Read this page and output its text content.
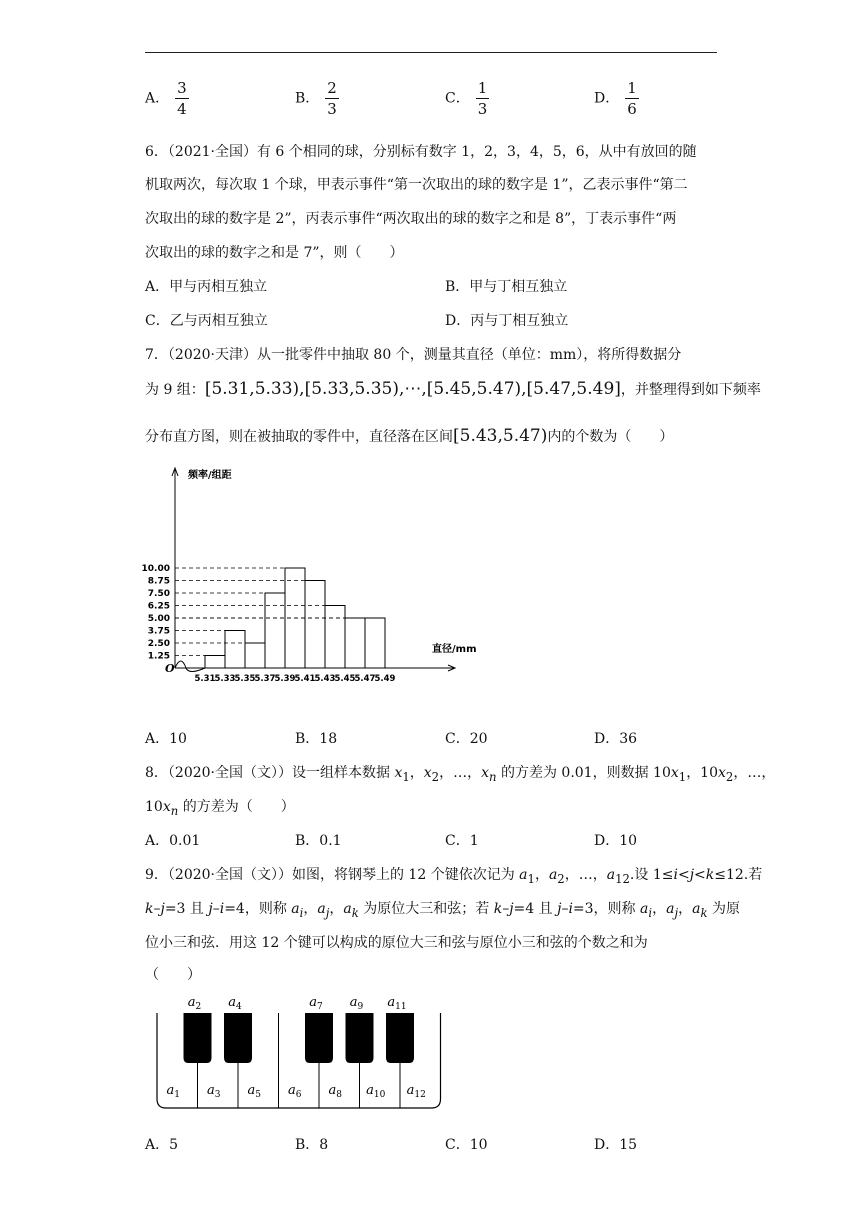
A． $\frac{3}{4}$	B． $\frac{2}{3}$	C． $\frac{1}{3}$	D． $\frac{1}{6}$
6．（2021·全国）有 6 个相同的球，分别标有数字 1，2，3，4，5，6，从中有放回的随
机取两次，每次取 1 个球，甲表示事件“第一次取出的球的数字是 1”，乙表示事件“第二
次取出的球的数字是 2”，丙表示事件“两次取出的球的数字之和是 8”，丁表示事件“两
次取出的球的数字之和是 7”，则（　　）
A．甲与丙相互独立	B．甲与丁相互独立
C．乙与丙相互独立	D．丙与丁相互独立
7．（2020·天津）从一批零件中抽取 80 个，测量其直径（单位：mm），将所得数据分
为 9 组：[5.31,5.33),[5.33,5.35),⋯,[5.45,5.47),[5.47,5.49]，并整理得到如下频率
分布直方图，则在被抽取的零件中，直径落在区间[5.43,5.47)内的个数为（　　）
频率/组距
直径/mm
O
10.00
8.75
7.50
6.25
5.00
3.75
2.50
1.25
5.31 5.33 5.35 5.37 5.39 5.41 5.43 5.45 5.47 5.49
A．10	B．18	C．20	D．36
8．（2020·全国（文））设一组样本数据 $x_1$，$x_2$，…，$x_n$ 的方差为 0.01，则数据 $10x_1$，$10x_2$，…，
$10x_n$ 的方差为（　　）
A．0.01	B．0.1	C．1	D．10
9．（2020·全国（文））如图，将钢琴上的 12 个键依次记为 $a_1$，$a_2$，…，$a_{12}$.设 1≤i<j<k≤12.若
k–j=3 且 j–i=4，则称 $a_i$，$a_j$，$a_k$ 为原位大三和弦；若 k–j=4 且 j–i=3，则称 $a_i$，$a_j$，$a_k$ 为原
位小三和弦．用这 12 个键可以构成的原位大三和弦与原位小三和弦的个数之和为
（　　）
$a_1$ $a_3$ $a_5$ $a_6$ $a_8$ $a_{10}$ $a_{12}$
$a_2$ $a_4$	$a_7$ $a_9$ $a_{11}$
A．5	B．8	C．10	D．15
